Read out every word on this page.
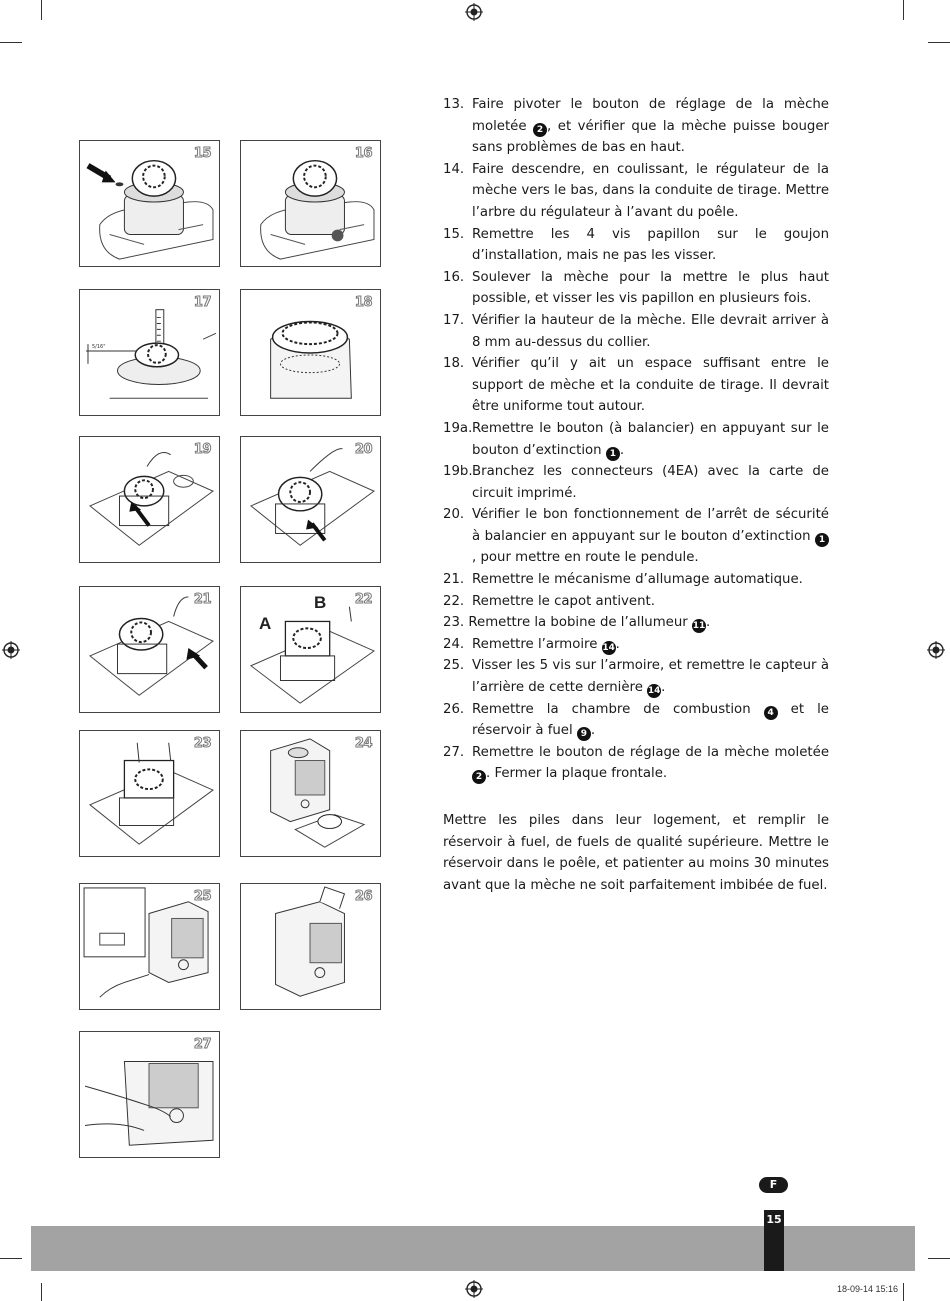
15	16
5/16"
17	18
19	20
21
A
B 22
23	24
25	26
27
13. Faire pivoter le bouton de réglage de la mèche moletée 2 , et vérifier que la mèche puisse bouger sans problèmes de bas en haut.
14. Faire descendre, en coulissant, le régulateur de la mèche vers le bas, dans la conduite de tirage. Mettre l’arbre du régulateur à l’avant du poêle.
15. Remettre les 4 vis papillon sur le goujon d’installation, mais ne pas les visser.
16. Soulever la mèche pour la mettre le plus haut possible, et visser les vis papillon en plusieurs fois.
17. Vérifier la hauteur de la mèche. Elle devrait arriver à 8 mm au-dessus du collier.
18. Vérifier qu’il y ait un espace suffisant entre le support de mèche et la conduite de tirage. Il devrait être uniforme tout autour.
19a. Remettre le bouton (à balancier) en appuyant sur le bouton d’extinction 1 .
19b. Branchez les connecteurs (4EA) avec la carte de circuit imprimé.
20. Vérifier le bon fonctionnement de l’arrêt de sécurité à balancier en appuyant sur le bouton d’extinction 1, pour mettre en route le pendule.
21. Remettre le mécanisme d’allumage automatique.
22. Remettre le capot antivent.
23. Remettre la bobine de l’allumeur 11.
24. Remettre l’armoire 14.
25. Visser les 5 vis sur l’armoire, et remettre le capteur à l’arrière de cette dernière 14.
26. Remettre la chambre de combustion 4 et le réservoir à fuel 9 .
27. Remettre le bouton de réglage de la mèche moletée 2 . Fermer la plaque frontale.
Mettre les piles dans leur logement, et remplir le réservoir à fuel, de fuels de qualité supérieure. Mettre le réservoir dans le poêle, et patienter au moins 30 minutes avant que la mèche ne soit parfaitement imbibée de fuel.
F
15
18-09-14 15:16
